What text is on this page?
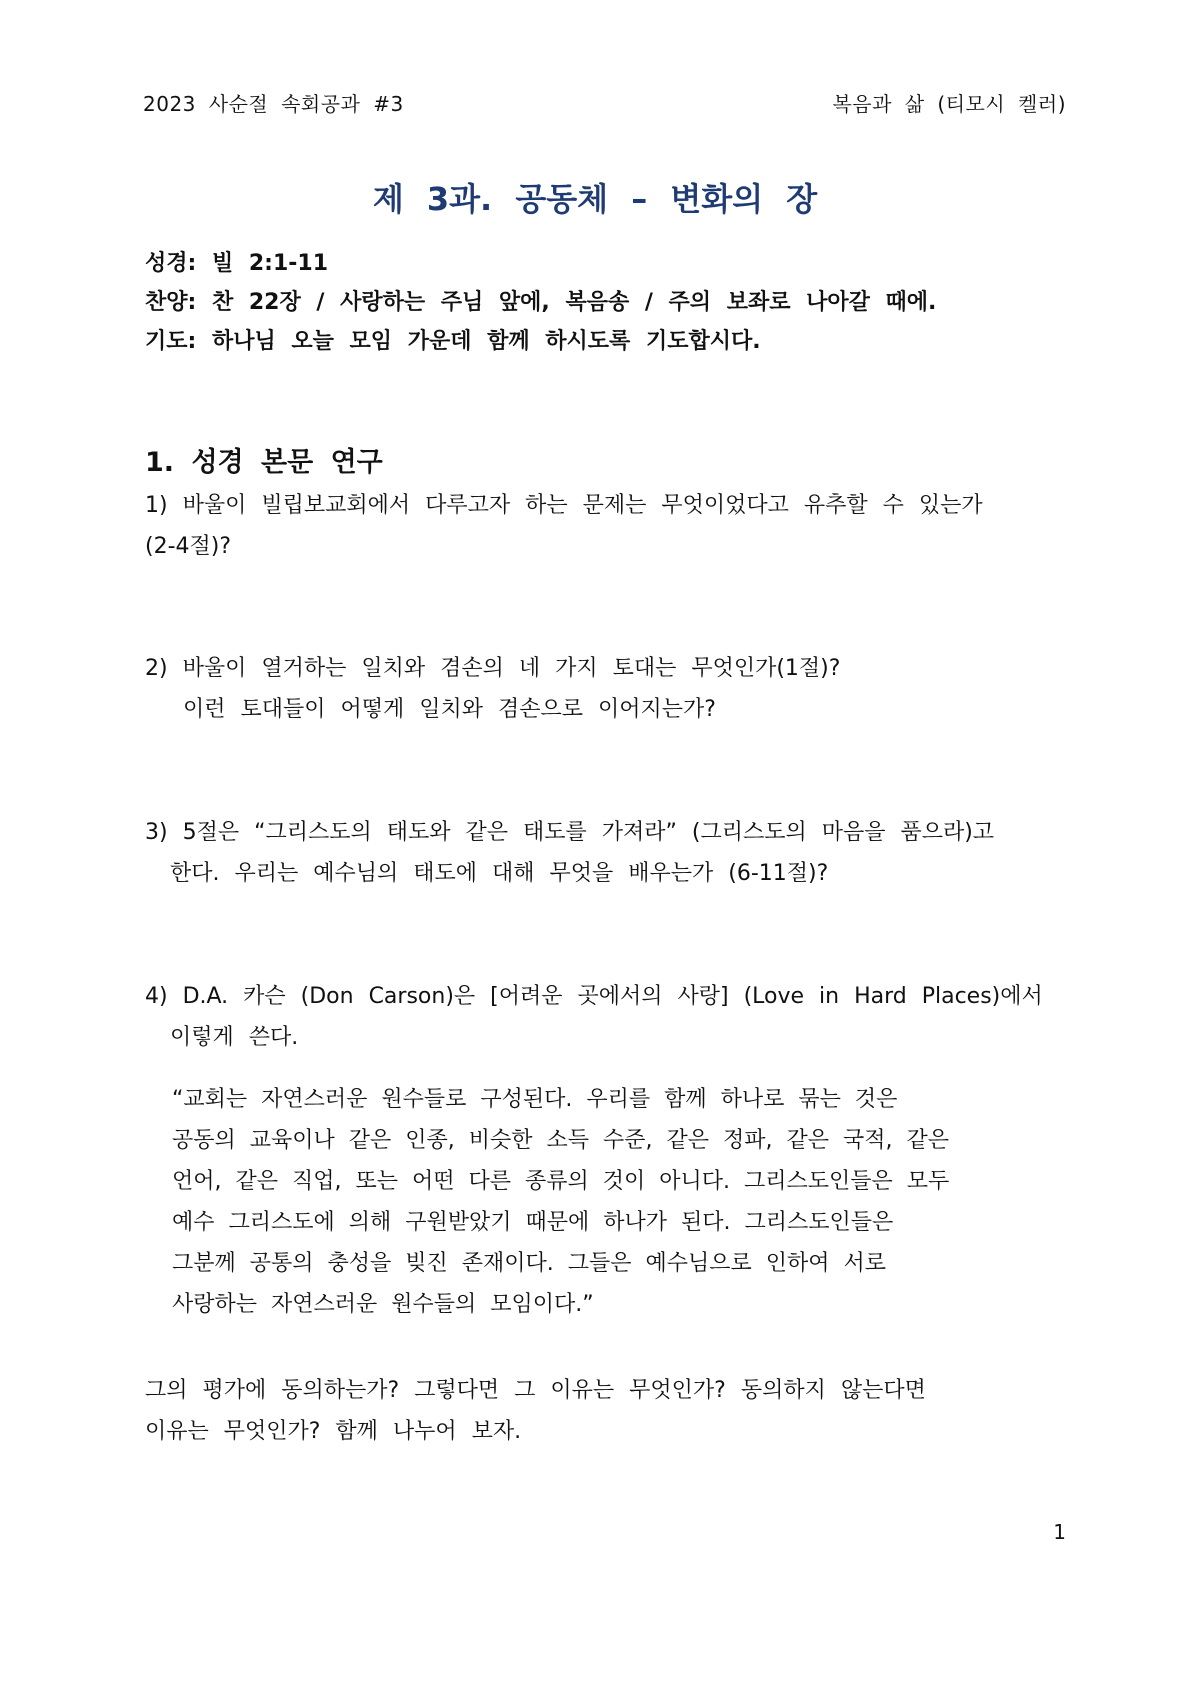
2023 사순절 속회공과 #3	복음과 삶 (티모시 켈러)
제 3과. 공동체 – 변화의 장
성경: 빌 2:1-11
찬양: 찬 22장 / 사랑하는 주님 앞에, 복음송 / 주의 보좌로 나아갈 때에.
기도: 하나님 오늘 모임 가운데 함께 하시도록 기도합시다.
1. 성경 본문 연구
1) 바울이 빌립보교회에서 다루고자 하는 문제는 무엇이었다고 유추할 수 있는가
(2-4절)?
2) 바울이 열거하는 일치와 겸손의 네 가지 토대는 무엇인가(1절)?
이런 토대들이 어떻게 일치와 겸손으로 이어지는가?
3) 5절은 “그리스도의 태도와 같은 태도를 가져라” (그리스도의 마음을 품으라)고
한다. 우리는 예수님의 태도에 대해 무엇을 배우는가 (6-11절)?
4) D.A. 카슨 (Don Carson)은 [어려운 곳에서의 사랑] (Love in Hard Places)에서
이렇게 쓴다.
“교회는 자연스러운 원수들로 구성된다. 우리를 함께 하나로 묶는 것은
공동의 교육이나 같은 인종, 비슷한 소득 수준, 같은 정파, 같은 국적, 같은
언어, 같은 직업, 또는 어떤 다른 종류의 것이 아니다. 그리스도인들은 모두
예수 그리스도에 의해 구원받았기 때문에 하나가 된다. 그리스도인들은
그분께 공통의 충성을 빚진 존재이다. 그들은 예수님으로 인하여 서로
사랑하는 자연스러운 원수들의 모임이다.”
그의 평가에 동의하는가? 그렇다면 그 이유는 무엇인가? 동의하지 않는다면
이유는 무엇인가? 함께 나누어 보자.
1
